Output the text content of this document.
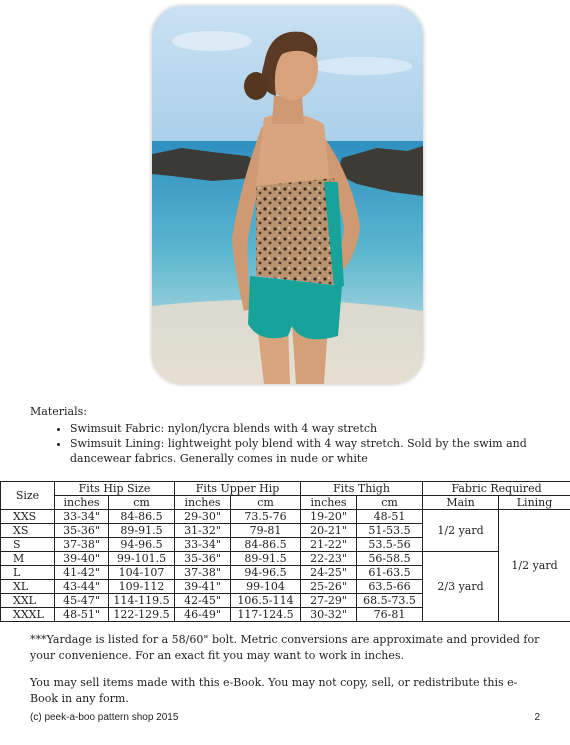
Materials:
• Swimsuit Fabric: nylon/lycra blends with 4 way stretch
• Swimsuit Lining: lightweight poly blend with 4 way stretch. Sold by the swim and dancewear fabrics. Generally comes in nude or white
Size	Fits Hip Size		Fits Upper Hip		Fits Thigh		Fabric Required	
	inches	cm	inches	cm	inches	cm	Main	Lining
XXS	33-34"	84-86.5	29-30"	73.5-76	19-20"	48-51	1/2 yard	1/2 yard
XS	35-36"	89-91.5	31-32"	79-81	20-21"	51-53.5		
S	37-38"	94-96.5	33-34"	84-86.5	21-22"	53.5-56		
M	39-40"	99-101.5	35-36"	89-91.5	22-23"	56-58.5	2/3 yard	
L	41-42"	104-107	37-38"	94-96.5	24-25"	61-63.5		
XL	43-44"	109-112	39-41"	99-104	25-26"	63.5-66		
XXL	45-47"	114-119.5	42-45"	106.5-114	27-29"	68.5-73.5		
XXXL	48-51"	122-129.5	46-49"	117-124.5	30-32"	76-81		

***Yardage is listed for a 58/60" bolt. Metric conversions are approximate and provided for your convenience. For an exact fit you may want to work in inches.

You may sell items made with this e-Book. You may not copy, sell, or redistribute this e-Book in any form.

(c) peek-a-boo pattern shop 2015	2
